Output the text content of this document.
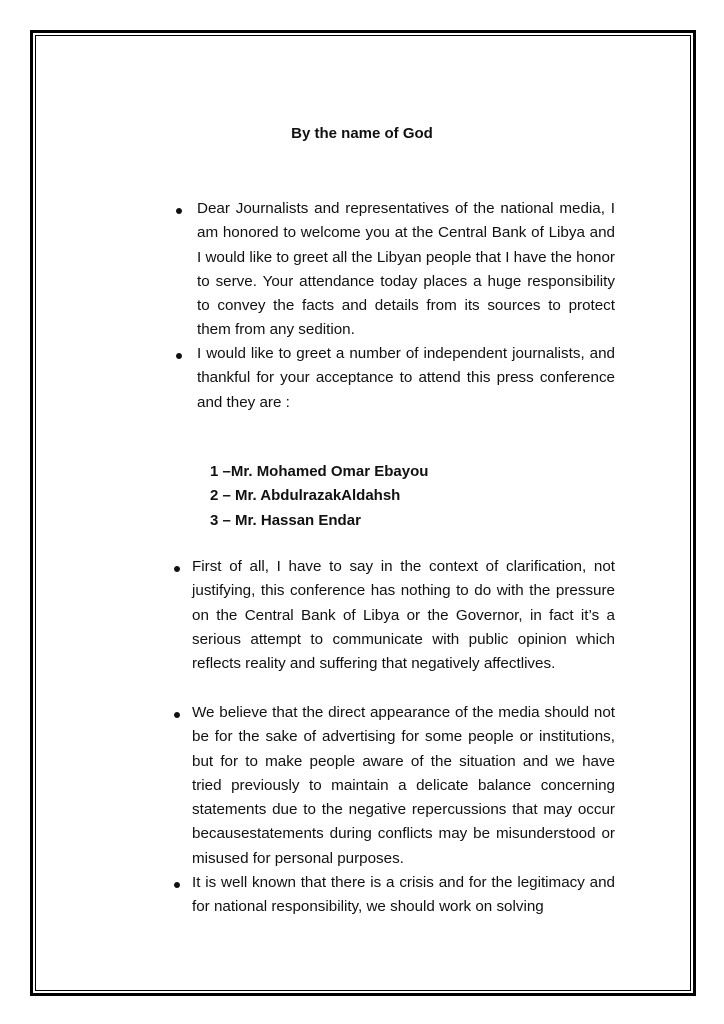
By the name of God

Dear Journalists and representatives of the national media, I am honored to welcome you at the Central Bank of Libya and I would like to greet all the Libyan people that I have the honor to serve. Your attendance today places a huge responsibility to convey the facts and details from its sources to protect them from any sedition.

I would like to greet a number of independent journalists, and thankful for your acceptance to attend this press conference and they are :

1 –Mr. Mohamed Omar Ebayou
2 – Mr. AbdulrazakAldahsh
3 – Mr. Hassan Endar

First of all, I have to say in the context of clarification, not justifying, this conference has nothing to do with the pressure on the Central Bank of Libya or the Governor, in fact it’s a serious attempt to communicate with public opinion which reflects reality and suffering that negatively affectlives.

We believe that the direct appearance of the media should not be for the sake of advertising for some people or institutions, but for to make people aware of the situation and we have tried previously to maintain a delicate balance concerning statements due to the negative repercussions that may occur becausestatements during conflicts may be misunderstood or misused for personal purposes.

It is well known that there is a crisis and for the legitimacy and for national responsibility, we should work on solving
